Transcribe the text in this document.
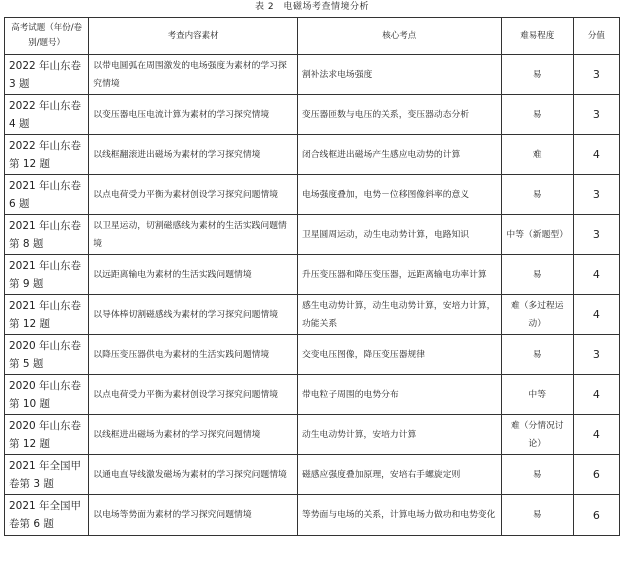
表 2　电磁场考查情境分析
高考试题（年份/卷别/题号）	考查内容素材	核心考点	难易程度	分值
2022 年山东卷 3 题	以带电圆弧在周围激发的电场强度为素材的学习探究情境	割补法求电场强度	易	3
2022 年山东卷 4 题	以变压器电压电流计算为素材的学习探究情境	变压器匝数与电压的关系，变压器动态分析	易	3
2022 年山东卷第 12 题	以线框翻滚进出磁场为素材的学习探究情境	闭合线框进出磁场产生感应电动势的计算	难	4
2021 年山东卷 6 题	以点电荷受力平衡为素材创设学习探究问题情境	电场强度叠加，电势－位移图像斜率的意义	易	3
2021 年山东卷第 8 题	以卫星运动，切割磁感线为素材的生活实践问题情境	卫星圆周运动，动生电动势计算，电路知识	中等（新题型）	3
2021 年山东卷第 9 题	以远距离输电为素材的生活实践问题情境	升压变压器和降压变压器，远距离输电功率计算	易	4
2021 年山东卷第 12 题	以导体棒切割磁感线为素材的学习探究问题情境	感生电动势计算，动生电动势计算，安培力计算，功能关系	难（多过程运动）	4
2020 年山东卷第 5 题	以降压变压器供电为素材的生活实践问题情境	交变电压图像，降压变压器规律	易	3
2020 年山东卷第 10 题	以点电荷受力平衡为素材创设学习探究问题情境	带电粒子周围的电势分布	中等	4
2020 年山东卷第 12 题	以线框进出磁场为素材的学习探究问题情境	动生电动势计算，安培力计算	难（分情况讨论）	4
2021 年全国甲卷第 3 题	以通电直导线激发磁场为素材的学习探究问题情境	磁感应强度叠加原理，安培右手螺旋定则	易	6
2021 年全国甲卷第 6 题	以电场等势面为素材的学习探究问题情境	等势面与电场的关系，计算电场力做功和电势变化	易	6
